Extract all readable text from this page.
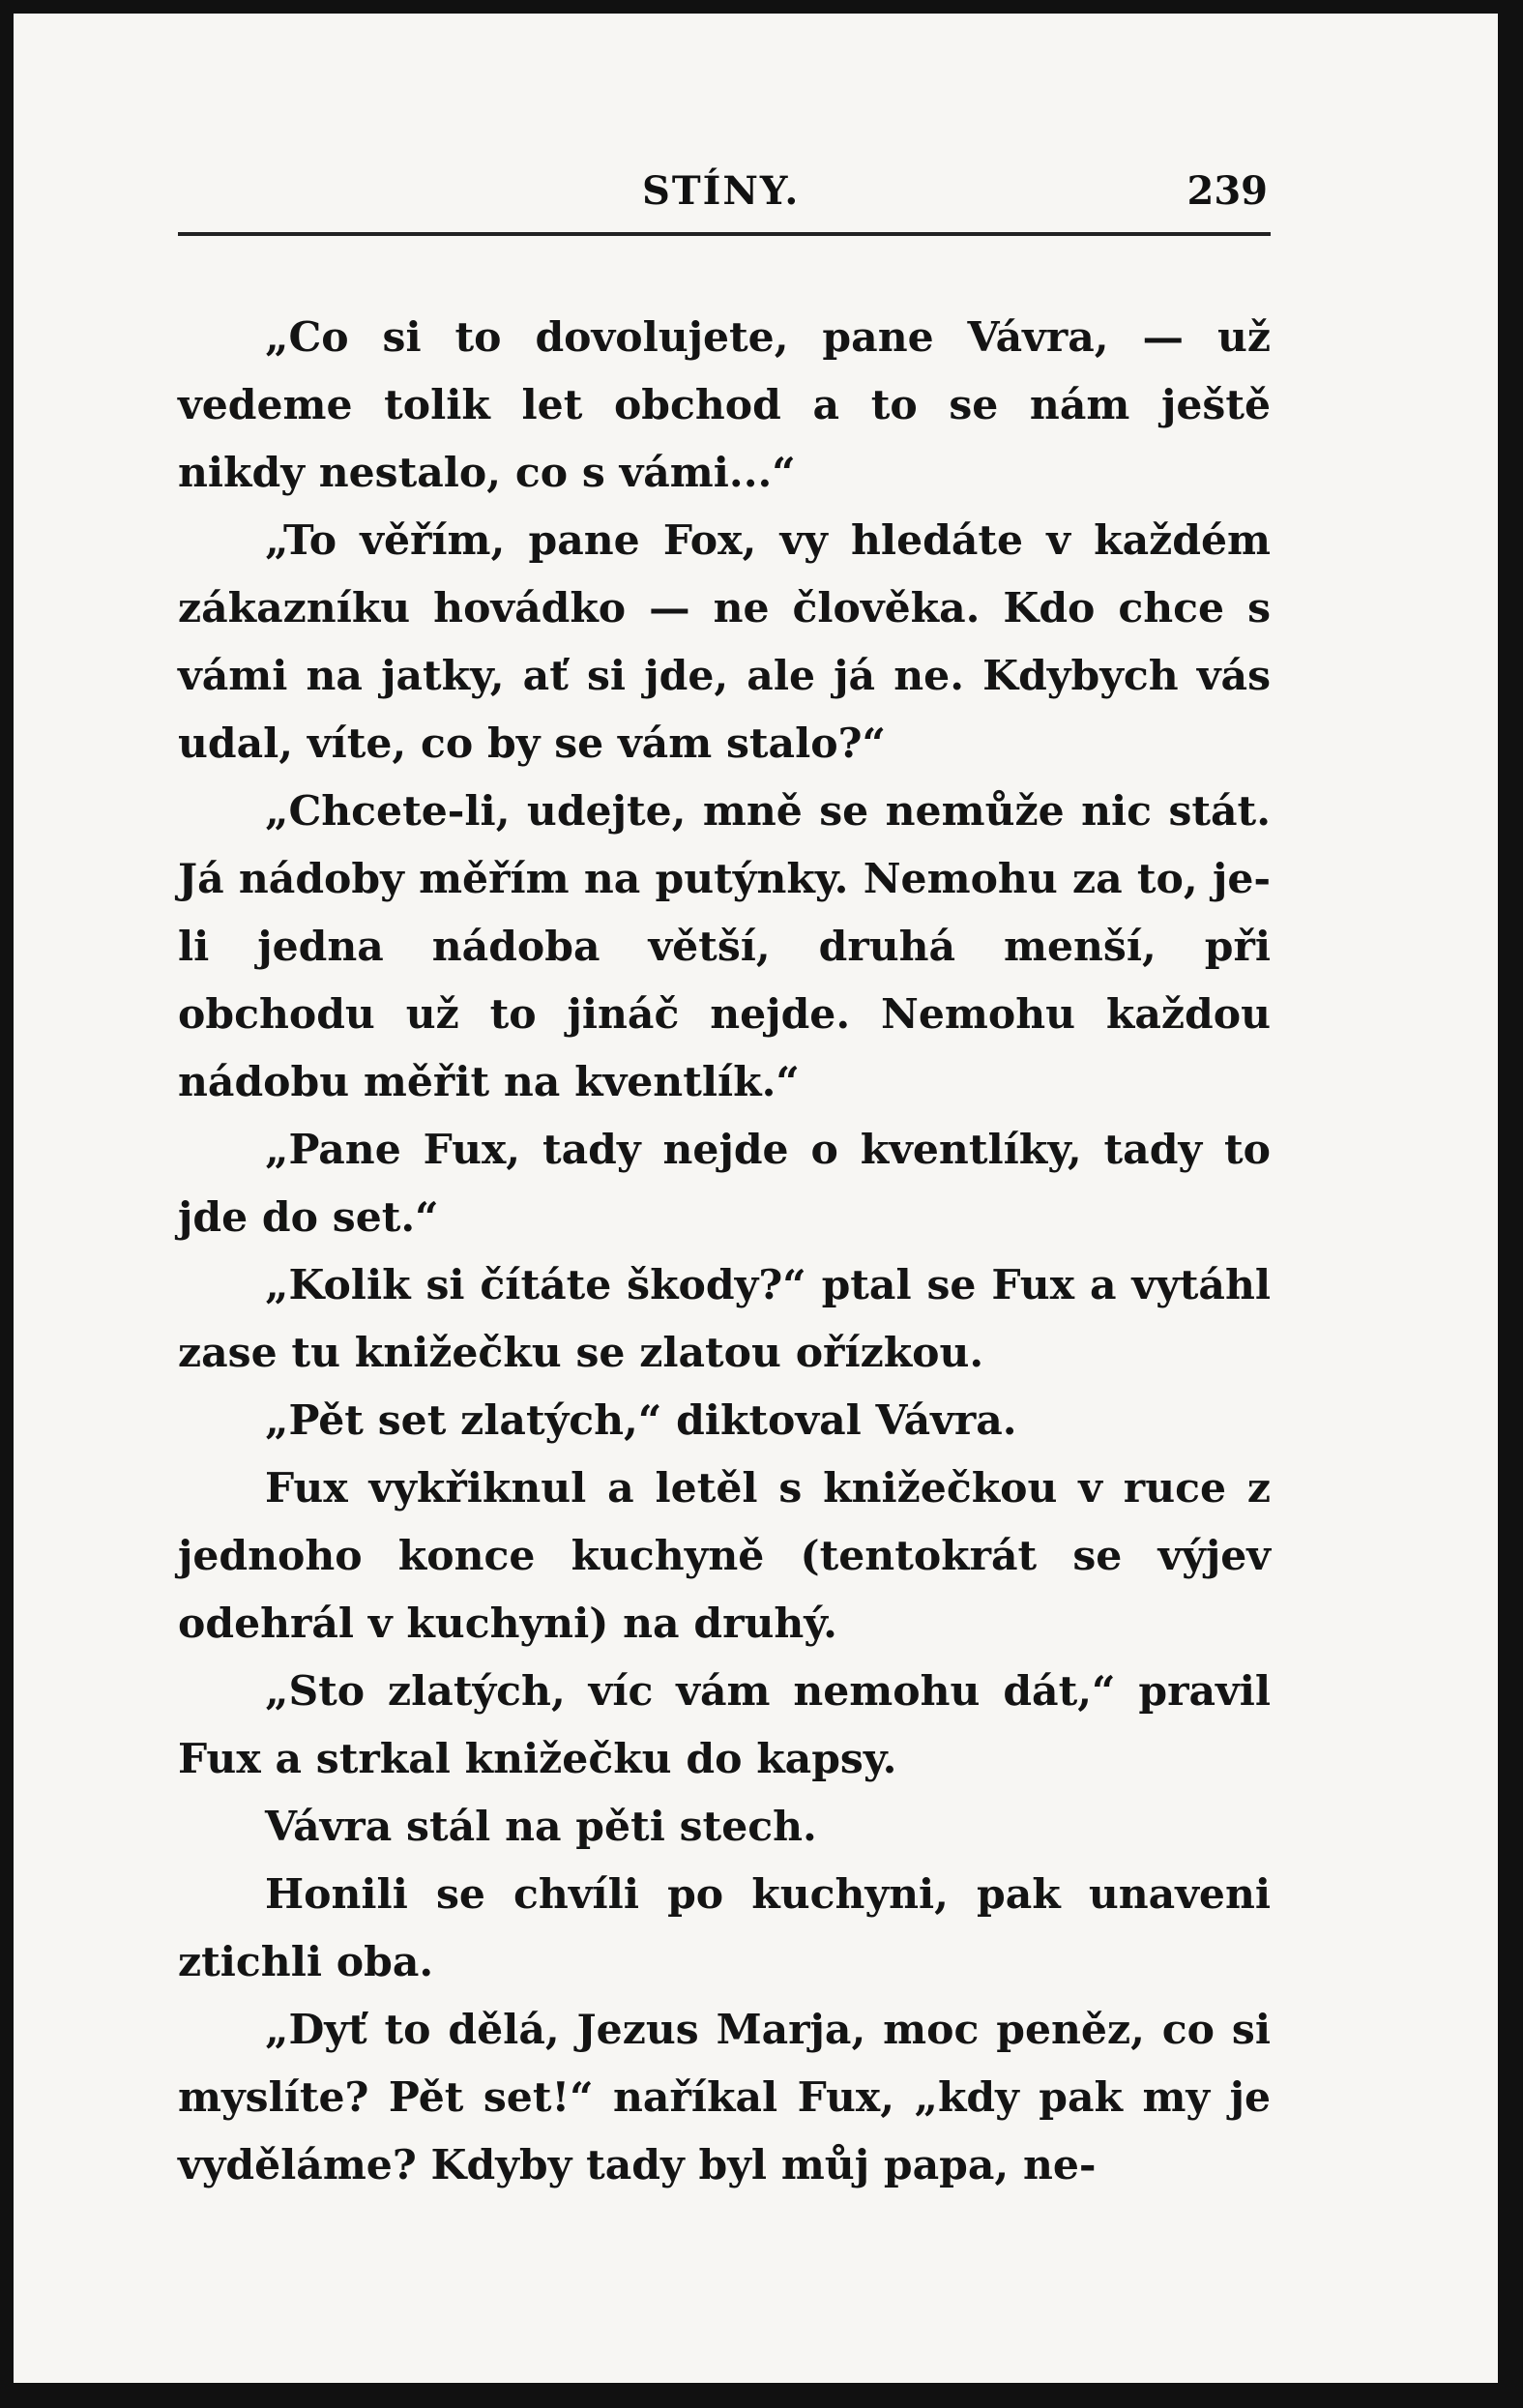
STÍNY.	239

„Co si to dovolujete, pane Vávra, — už vedeme tolik let obchod a to se nám ještě nikdy nestalo, co s vámi...“

„To věřím, pane Fox, vy hledáte v každém zákazníku hovádko — ne člověka. Kdo chce s vámi na jatky, ať si jde, ale já ne. Kdybych vás udal, víte, co by se vám stalo?“

„Chcete-li, udejte, mně se nemůže nic stát. Já nádoby měřím na putýnky. Nemohu za to, je-li jedna nádoba větší, druhá menší, při obchodu už to jináč nejde. Nemohu každou nádobu měřit na kventlík.“

„Pane Fux, tady nejde o kventlíky, tady to jde do set.“

„Kolik si čítáte škody?“ ptal se Fux a vytáhl zase tu knižečku se zlatou ořízkou.

„Pět set zlatých,“ diktoval Vávra.

Fux vykřiknul a letěl s knižečkou v ruce z jednoho konce kuchyně (tentokrát se výjev odehrál v kuchyni) na druhý.

„Sto zlatých, víc vám nemohu dát,“ pravil Fux a strkal knižečku do kapsy.

Vávra stál na pěti stech.

Honili se chvíli po kuchyni, pak unaveni ztichli oba.

„Dyť to dělá, Jezus Marja, moc peněz, co si myslíte? Pět set!“ naříkal Fux, „kdy pak my je vyděláme? Kdyby tady byl můj papa, ne-
